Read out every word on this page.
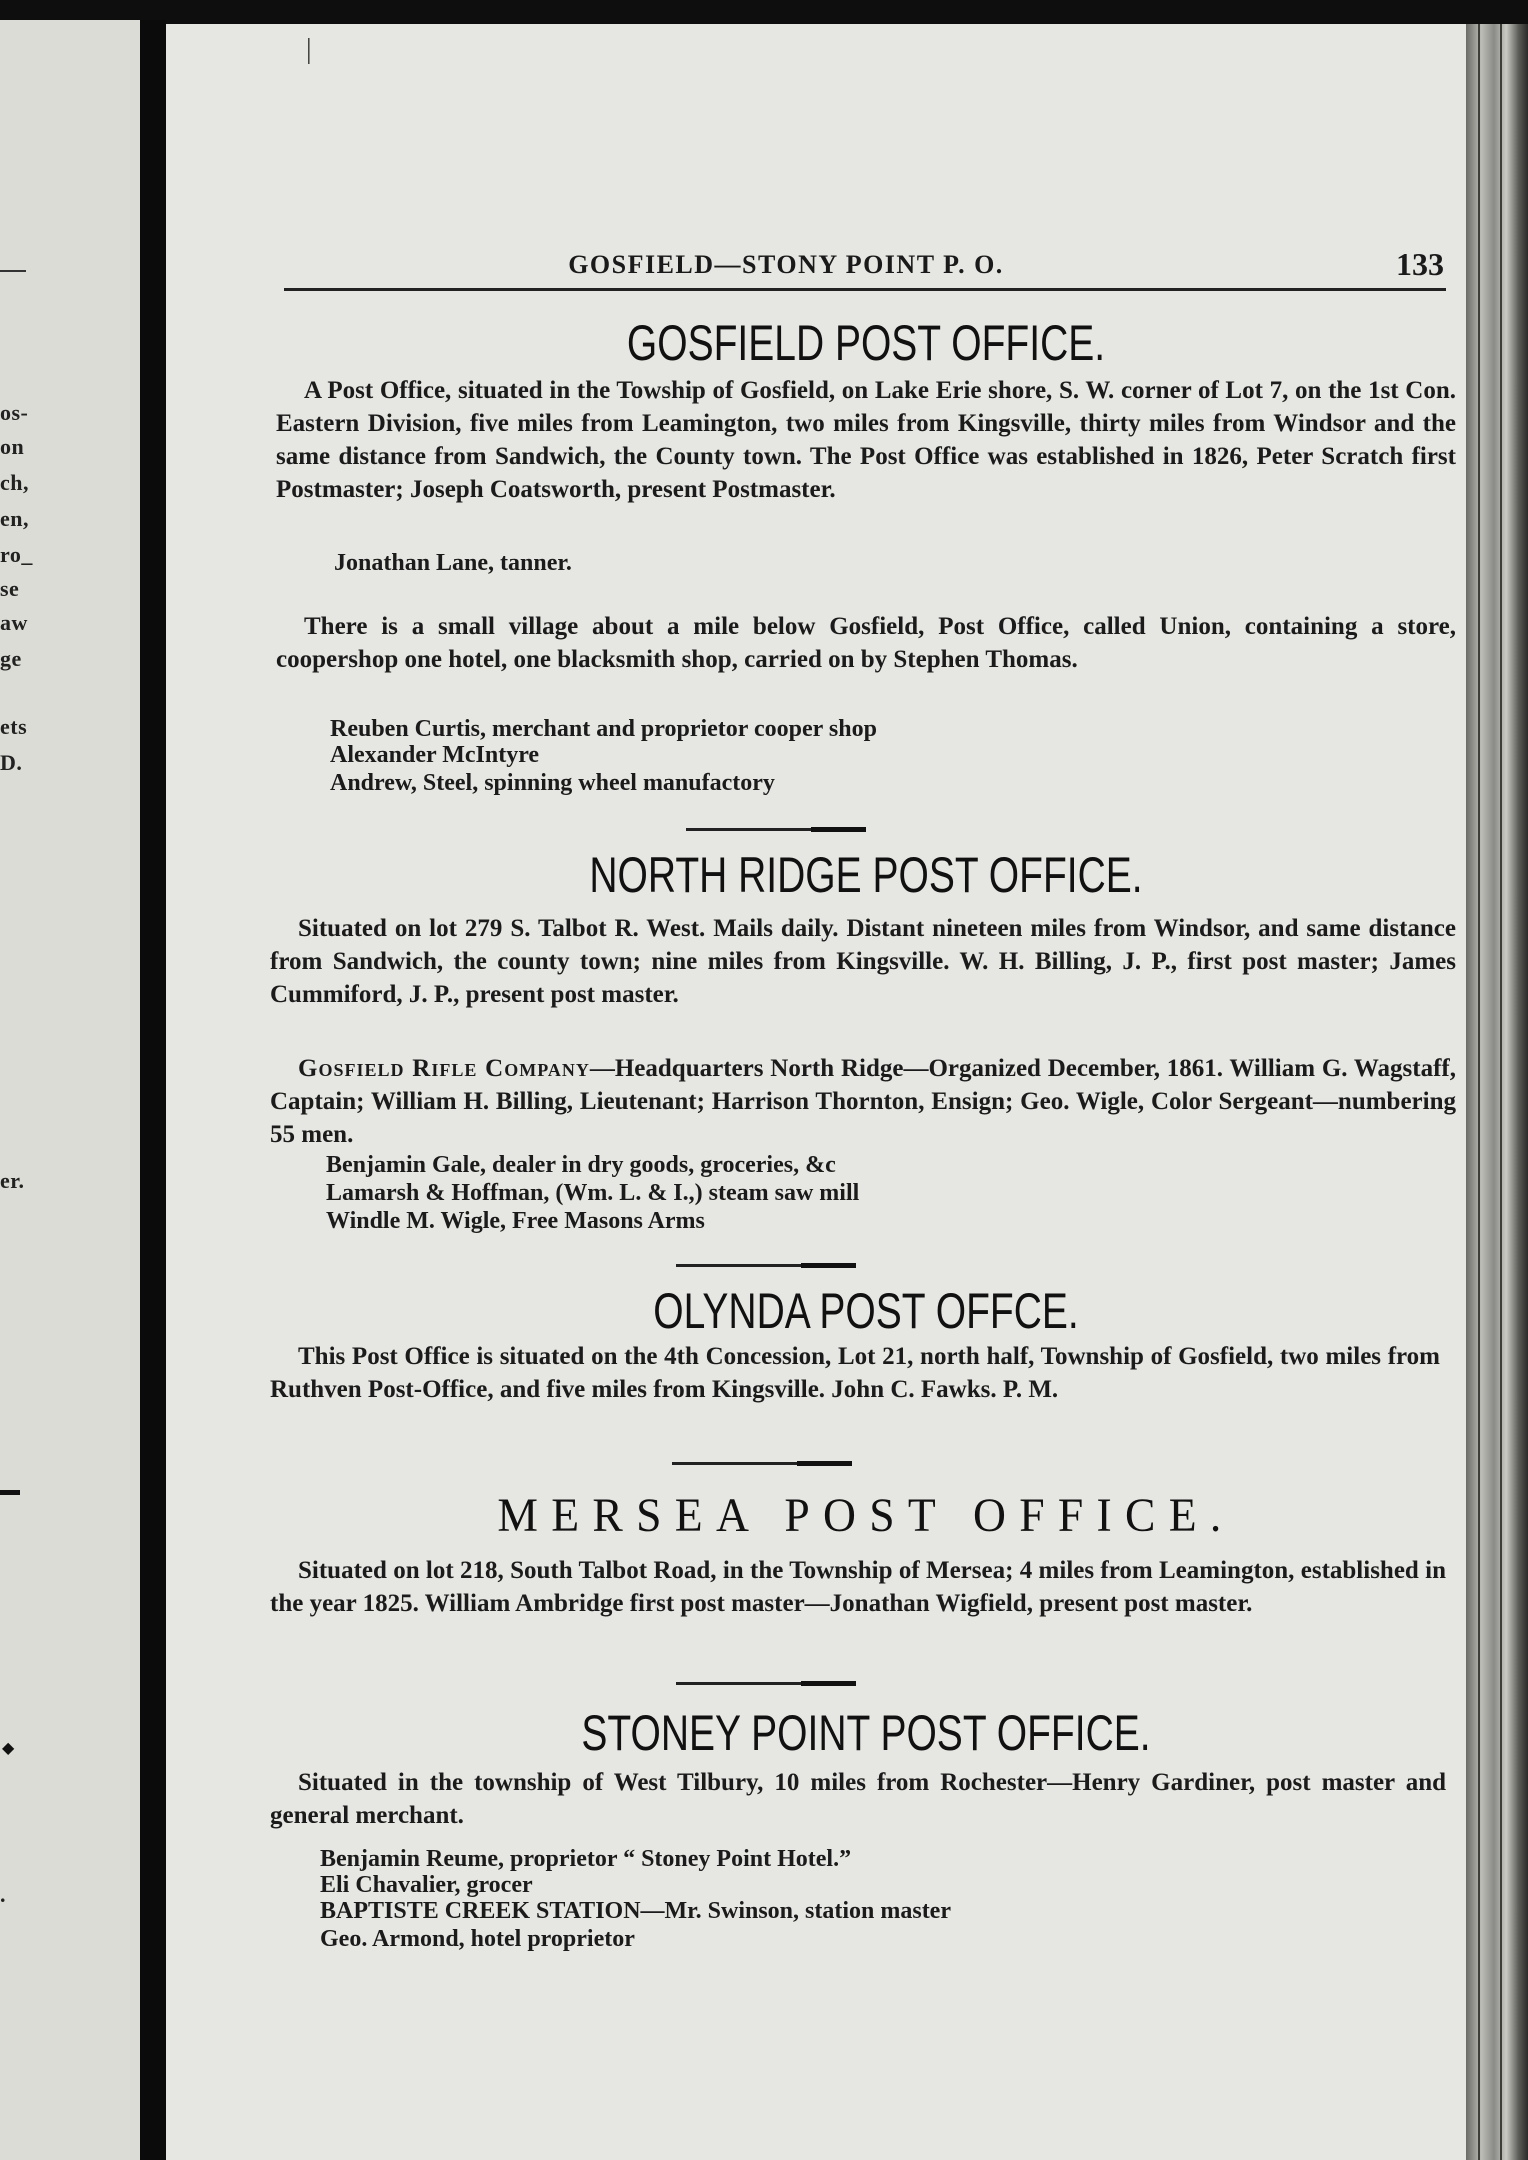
os-
on
ch,
en,
ro_
se
aw
ge
ets
D.
er.
◆
.
GOSFIELD—STONY POINT P. O.	133
GOSFIELD POST OFFICE.
A Post Office, situated in the Towship of Gosfield, on Lake Erie shore, S. W. corner of Lot 7, on the 1st Con. Eastern Division, five miles from Leamington, two miles from Kingsville, thirty miles from Windsor and the same distance from Sandwich, the County town. The Post Office was established in 1826, Peter Scratch first Postmaster; Joseph Coatsworth, present Postmaster.
Jonathan Lane, tanner.
There is a small village about a mile below Gosfield, Post Office, called Union, containing a store, coopershop one hotel, one blacksmith shop, carried on by Stephen Thomas.
Reuben Curtis, merchant and proprietor cooper shop
Alexander McIntyre
Andrew, Steel, spinning wheel manufactory
NORTH RIDGE POST OFFICE.
Situated on lot 279 S. Talbot R. West. Mails daily. Distant nineteen miles from Windsor, and same distance from Sandwich, the county town; nine miles from Kingsville. W. H. Billing, J. P., first post master; James Cummiford, J. P., present post master.
Gosfield Rifle Company—Headquarters North Ridge—Organized December, 1861. William G. Wagstaff, Captain; William H. Billing, Lieutenant; Harrison Thornton, Ensign; Geo. Wigle, Color Sergeant—numbering 55 men.
Benjamin Gale, dealer in dry goods, groceries, &c
Lamarsh & Hoffman, (Wm. L. & I.,) steam saw mill
Windle M. Wigle, Free Masons Arms
OLYNDA POST OFFCE.
This Post Office is situated on the 4th Concession, Lot 21, north half, Township of Gosfield, two miles from Ruthven Post-Office, and five miles from Kingsville. John C. Fawks. P. M.
MERSEA POST OFFICE.
Situated on lot 218, South Talbot Road, in the Township of Mersea; 4 miles from Leamington, established in the year 1825. William Ambridge first post master—Jonathan Wigfield, present post master.
STONEY POINT POST OFFICE.
Situated in the township of West Tilbury, 10 miles from Rochester—Henry Gardiner, post master and general merchant.
Benjamin Reume, proprietor “ Stoney Point Hotel.”
Eli Chavalier, grocer
BAPTISTE CREEK STATION—Mr. Swinson, station master
Geo. Armond, hotel proprietor
|
